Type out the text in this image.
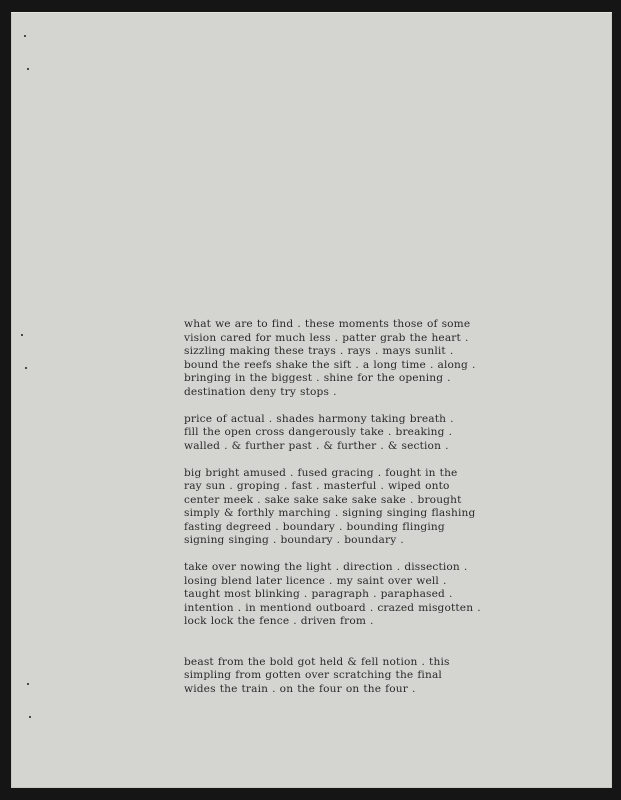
what we are to find . these moments those of some
vision cared for much less . patter grab the heart .
sizzling making these trays . rays . mays sunlit .
bound the reefs shake the sift . a long time . along .
bringing in the biggest . shine for the opening .
destination deny try stops .
price of actual . shades harmony taking breath .
fill the open cross dangerously take . breaking .
walled . & further past . & further . & section .
big bright amused . fused gracing . fought in the
ray sun . groping . fast . masterful . wiped onto
center meek . sake sake sake sake sake . brought
simply & forthly marching . signing singing flashing
fasting degreed . boundary . bounding flinging
signing singing . boundary . boundary .
take over nowing the light . direction . dissection .
losing blend later licence . my saint over well .
taught most blinking . paragraph . paraphased .
intention . in mentiond outboard . crazed misgotten .
lock lock the fence . driven from .
beast from the bold got held & fell notion . this
simpling from gotten over scratching the final
wides the train . on the four on the four .
